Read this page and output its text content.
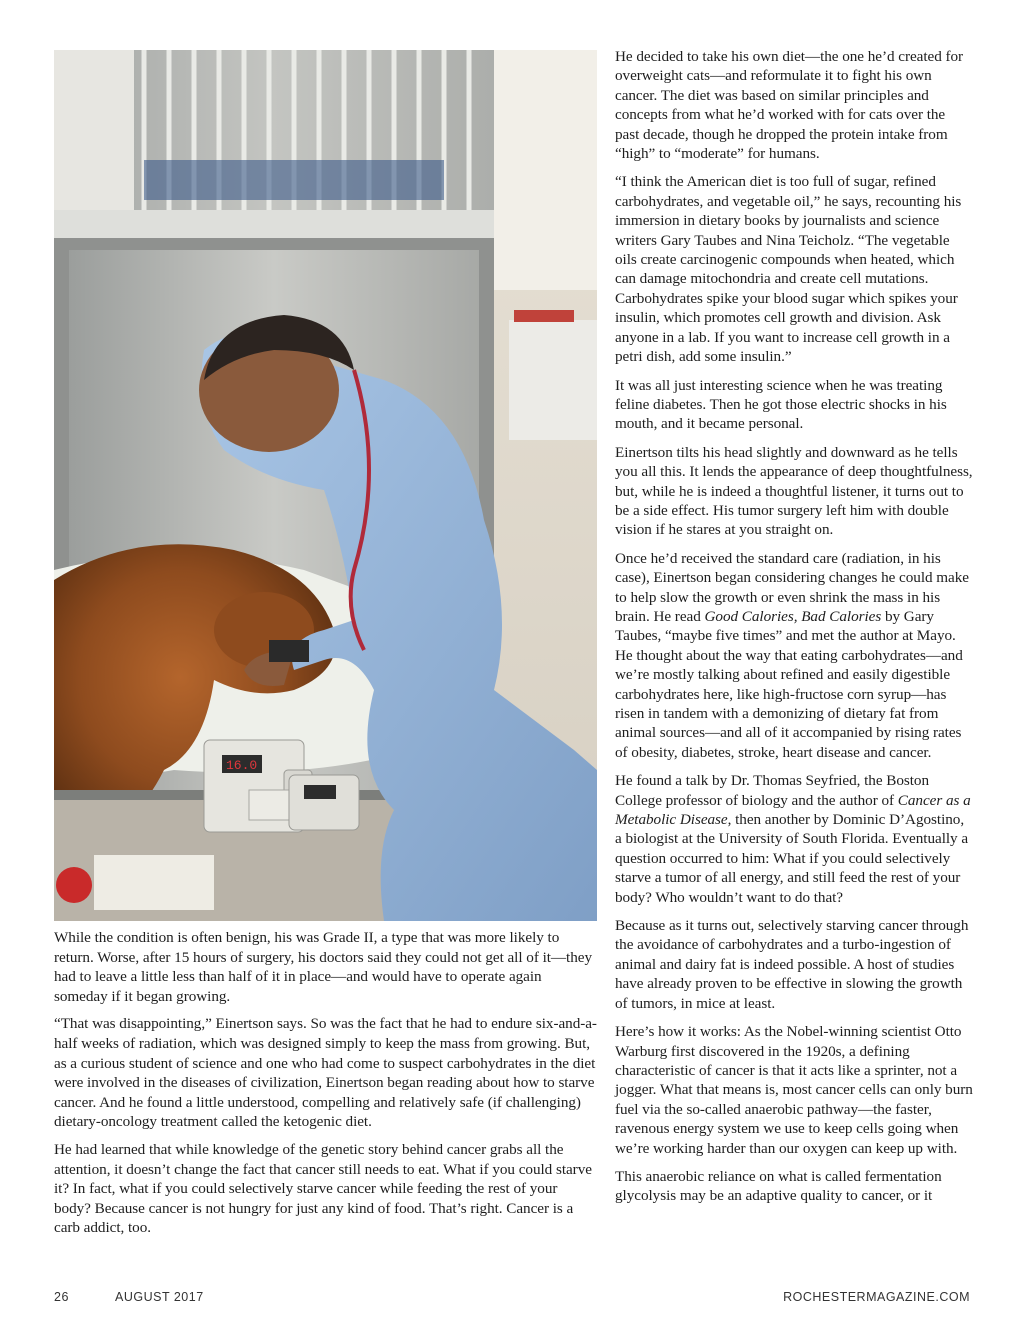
16.0

While the condition is often benign, his was Grade II, a type that was more likely to return. Worse, after 15 hours of surgery, his doctors said they could not get all of it—they had to leave a little less than half of it in place—and would have to operate again someday if it began growing.

“That was disappointing,” Einertson says. So was the fact that he had to endure six-and-a-half weeks of radiation, which was designed simply to keep the mass from growing. But, as a curious student of science and one who had come to suspect carbohydrates in the diet were involved in the diseases of civilization, Einertson began reading about how to starve cancer. And he found a little understood, compelling and relatively safe (if challenging) dietary-oncology treatment called the ketogenic diet.

He had learned that while knowledge of the genetic story behind cancer grabs all the attention, it doesn’t change the fact that cancer still needs to eat. What if you could starve it? In fact, what if you could selectively starve cancer while feeding the rest of your body? Because cancer is not hungry for just any kind of food. That’s right. Cancer is a carb addict, too.

He decided to take his own diet—the one he’d created for overweight cats—and reformulate it to fight his own cancer. The diet was based on similar principles and concepts from what he’d worked with for cats over the past decade, though he dropped the protein intake from “high” to “moderate” for humans.

“I think the American diet is too full of sugar, refined carbohydrates, and vegetable oil,” he says, recounting his immersion in dietary books by journalists and science writers Gary Taubes and Nina Teicholz. “The vegetable oils create carcinogenic compounds when heated, which can damage mitochondria and create cell mutations. Carbohydrates spike your blood sugar which spikes your insulin, which promotes cell growth and division. Ask anyone in a lab. If you want to increase cell growth in a petri dish, add some insulin.”

It was all just interesting science when he was treating feline diabetes. Then he got those electric shocks in his mouth, and it became personal.

Einertson tilts his head slightly and downward as he tells you all this. It lends the appearance of deep thoughtfulness, but, while he is indeed a thoughtful listener, it turns out to be a side effect. His tumor surgery left him with double vision if he stares at you straight on.

Once he’d received the standard care (radiation, in his case), Einertson began considering changes he could make to help slow the growth or even shrink the mass in his brain. He read Good Calories, Bad Calories by Gary Taubes, “maybe five times” and met the author at Mayo. He thought about the way that eating carbohydrates—and we’re mostly talking about refined and easily digestible carbohydrates here, like high-fructose corn syrup—has risen in tandem with a demonizing of dietary fat from animal sources—and all of it accompanied by rising rates of obesity, diabetes, stroke, heart disease and cancer.

He found a talk by Dr. Thomas Seyfried, the Boston College professor of biology and the author of Cancer as a Metabolic Disease, then another by Dominic D’Agostino, a biologist at the University of South Florida. Eventually a question occurred to him: What if you could selectively starve a tumor of all energy, and still feed the rest of your body? Who wouldn’t want to do that?

Because as it turns out, selectively starving cancer through the avoidance of carbohydrates and a turbo-ingestion of animal and dairy fat is indeed possible. A host of studies have already proven to be effective in slowing the growth of tumors, in mice at least.

Here’s how it works: As the Nobel-winning scientist Otto Warburg first discovered in the 1920s, a defining characteristic of cancer is that it acts like a sprinter, not a jogger. What that means is, most cancer cells can only burn fuel via the so-called anaerobic pathway—the faster, ravenous energy system we use to keep cells going when we’re working harder than our oxygen can keep up with.

This anaerobic reliance on what is called fermentation glycolysis may be an adaptive quality to cancer, or it

26	AUGUST 2017	ROCHESTERMAGAZINE.COM
